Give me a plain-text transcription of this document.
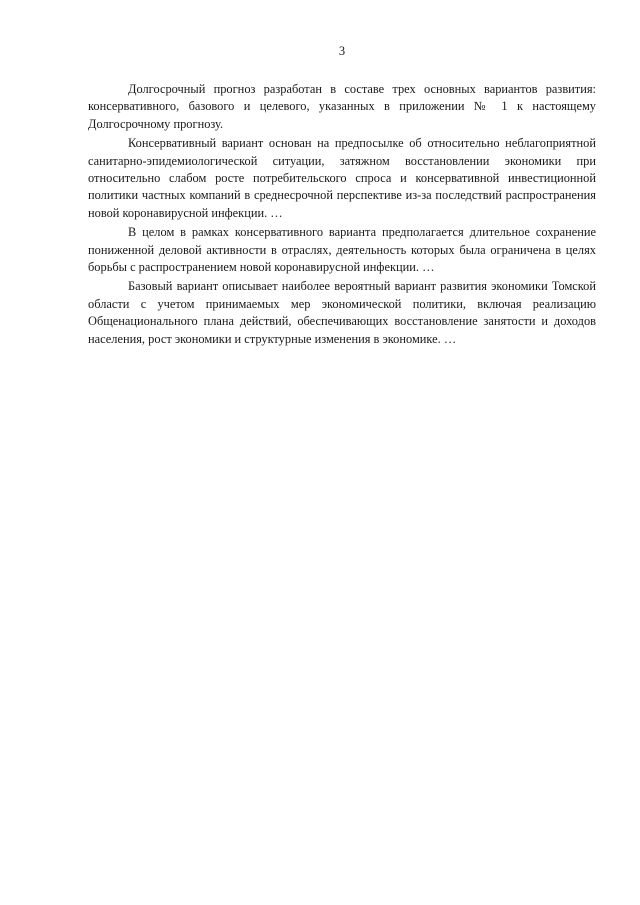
3

Долгосрочный прогноз разработан в составе трех основных вариантов развития: консервативного, базового и целевого, указанных в приложении № 1 к настоящему Долгосрочному прогнозу.

Консервативный вариант основан на предпосылке об относительно неблагоприятной санитарно-эпидемиологической ситуации, затяжном восстановлении экономики при относительно слабом росте потребительского спроса и консервативной инвестиционной политики частных компаний в среднесрочной перспективе из-за последствий распространения новой коронавирусной инфекции. …

В целом в рамках консервативного варианта предполагается длительное сохранение пониженной деловой активности в отраслях, деятельность которых была ограничена в целях борьбы с распространением новой коронавирусной инфекции. …

Базовый вариант описывает наиболее вероятный вариант развития экономики Томской области с учетом принимаемых мер экономической политики, включая реализацию Общенационального плана действий, обеспечивающих восстановление занятости и доходов населения, рост экономики и структурные изменения в экономике. …
